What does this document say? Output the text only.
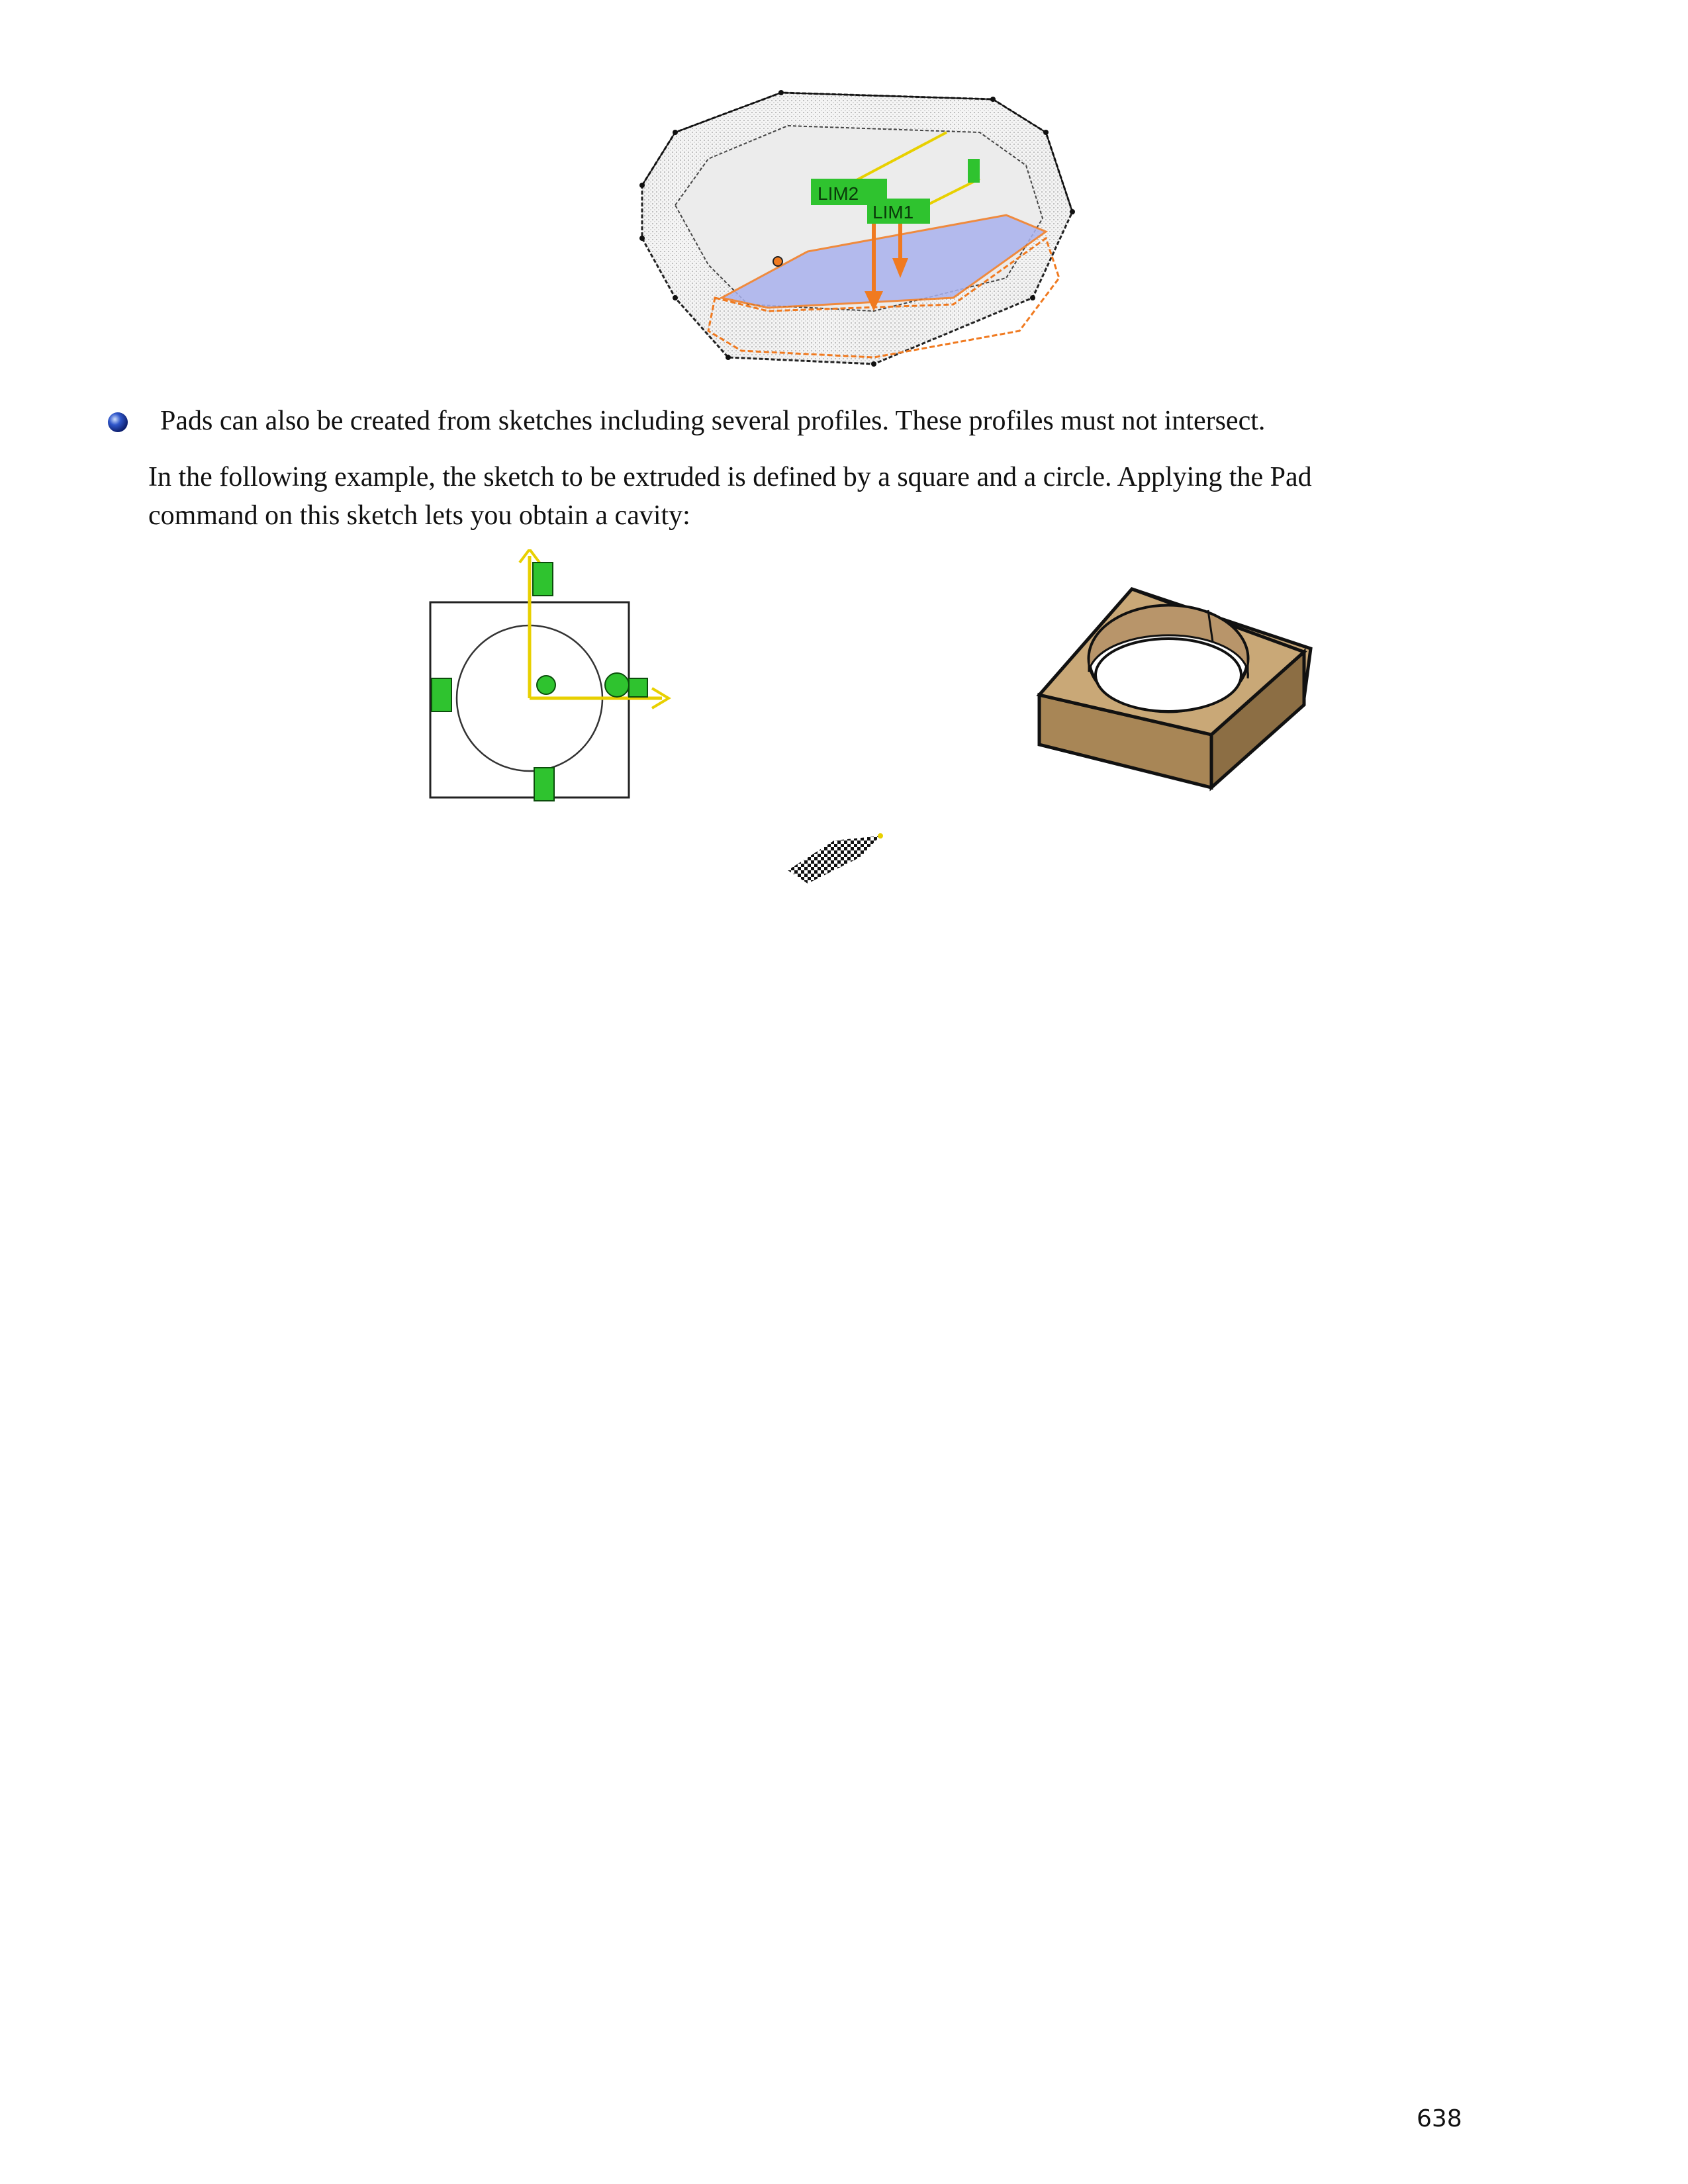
LIM2
LIM1
Pads can also be created from sketches including several profiles. These profiles must not intersect.
In the following example, the sketch to be extruded is defined by a square and a circle. Applying the Pad
command on this sketch lets you obtain a cavity:
638
